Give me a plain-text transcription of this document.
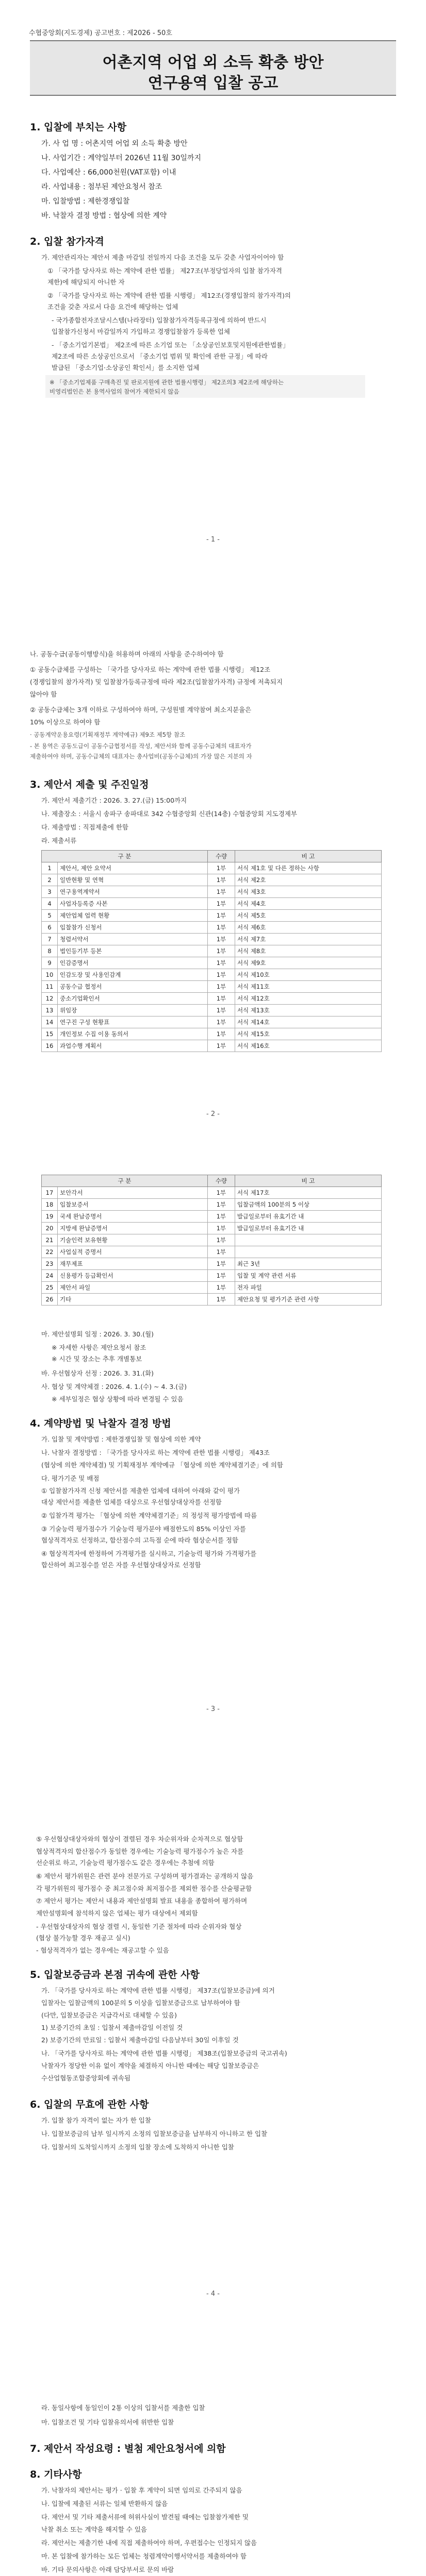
수협중앙회(지도경제) 공고번호 : 제2026 - 50호
어촌지역 어업 외 소득 확충 방안
연구용역 입찰 공고
1. 입찰에 부치는 사항
가. 사 업 명 : 어촌지역 어업 외 소득 확충 방안
나. 사업기간 : 계약일부터 2026년 11월 30일까지
다. 사업예산 : 66,000천원(VAT포함) 이내
라. 사업내용 : 첨부된 제안요청서 참조
마. 입찰방법 : 제한경쟁입찰
바. 낙찰자 결정 방법 : 협상에 의한 계약
2. 입찰 참가자격
가. 제안관리자는 제안서 제출 마감일 전일까지 다음 조건을 모두 갖춘 사업자이어야 함
① 「국가를 당사자로 하는 계약에 관한 법률」 제27조(부정당업자의 입찰 참가자격
제한)에 해당되지 아니한 자
② 「국가를 당사자로 하는 계약에 관한 법률 시행령」 제12조(경쟁입찰의 참가자격)의
조건을 갖춘 자로서 다음 요건에 해당하는 업체
- 국가종합전자조달시스템(나라장터) 입찰참가자격등록규정에 의하여 반드시
입찰참가신청서 마감일까지 가입하고 경쟁입찰참가 등록한 업체
- 「중소기업기본법」 제2조에 따른 소기업 또는 「소상공인보호및지원에관한법률」
제2조에 따른 소상공인으로서 「중소기업 범위 및 확인에 관한 규정」에 따라
발급된 「중소기업·소상공인 확인서」를 소지한 업체
※ 「중소기업제품 구매촉진 및 판로지원에 관한 법률시행령」 제2조의3 제2조에 해당하는
비영리법인은 본 용역사업의 참여가 제한되지 않음
- 1 -
나. 공동수급(공동이행방식)을 허용하며 아래의 사항을 준수하여야 함
① 공동수급체를 구성하는 「국가를 당사자로 하는 계약에 관한 법률 시행령」 제12조
(경쟁입찰의 참가자격) 및 입찰참가등록규정에 따라 제2조(입찰참가자격) 규정에 저촉되지
않아야 함
② 공동수급체는 3개 이하로 구성하여야 하며, 구성원별 계약참여 최소지분율은
10% 이상으로 하여야 함
· 공동계약운용요령(기획재정부 계약예규) 제9조 제5항 참조
- 본 용역은 공동도급이 공동수급협정서를 작성, 제안서와 함께 공동수급체의 대표자가
제출하여야 하며, 공동수급체의 대표자는 총사업비(공동수급체)의 가장 많은 지분의 자
3. 제안서 제출 및 주진일정
가. 제안서 제출기간 : 2026. 3. 27.(금) 15:00까지
나. 제출장소 : 서울시 송파구 송파대로 342 수협중앙회 신관(14층) 수협중앙회 지도경제부
다. 제출방법 : 직접제출에 한함
라. 제출서류
구 분		수량	비 고
1	제안서, 제안 요약서	1부	서식 제1호 및 다른 정하는 사항
2	일반현황 및 연혁	1부	서식 제2호
3	연구용역계약서	1부	서식 제3호
4	사업자등록증 사본	1부	서식 제4호
5	제안업체 업력 현황	1부	서식 제5호
6	입찰참가 신청서	1부	서식 제6호
7	청렴서약서	1부	서식 제7호
8	법인등기부 등본	1부	서식 제8호
9	인감증명서	1부	서식 제9호
10	인감도장 및 사용인감계	1부	서식 제10호
11	공동수급 협정서	1부	서식 제11호
12	중소기업확인서	1부	서식 제12호
13	위임장	1부	서식 제13호
14	연구진 구성 현황표	1부	서식 제14호
15	개인정보 수집 이용 동의서	1부	서식 제15호
16	과업수행 계획서	1부	서식 제16호
- 2 -
구 분		수량	비 고
17	보안각서	1부	서식 제17호
18	입찰보증서	1부	입찰금액의 100분의 5 이상
19	국세 완납증명서	1부	발급일로부터 유효기간 내
20	지방세 완납증명서	1부	발급일로부터 유효기간 내
21	기술인력 보유현황	1부	
22	사업실적 증명서	1부	
23	재무제표	1부	최근 3년
24	신용평가 등급확인서	1부	입찰 및 계약 관련 서류
25	제안서 파일	1부	전자 파일
26	기타	1부	제안요청 및 평가기준 관련 사항
마. 제안설명회 일정 : 2026. 3. 30.(월)
※ 자세한 사항은 제안요청서 참조
※ 시간 및 장소는 추후 개별통보
바. 우선협상자 선정 : 2026. 3. 31.(화)
사. 협상 및 계약체결 : 2026. 4. 1.(수) ~ 4. 3.(금)
※ 세부일정은 협상 상황에 따라 변경될 수 있음
4. 계약방법 및 낙찰자 결정 방법
가. 입찰 및 계약방법 : 제한경쟁입찰 및 협상에 의한 계약
나. 낙찰자 결정방법 : 「국가를 당사자로 하는 계약에 관한 법률 시행령」 제43조
(협상에 의한 계약체결) 및 기획재정부 계약예규 「협상에 의한 계약체결기준」에 의함
다. 평가기준 및 배점
① 입찰참가자격 신청 제안서를 제출한 업체에 대하여 아래와 같이 평가
대상 제안서를 제출한 업체를 대상으로 우선협상대상자를 선정함
② 입찰가격 평가는 「협상에 의한 계약체결기준」의 정성적 평가방법에 따름
③ 기술능력 평가점수가 기술능력 평가분야 배점한도의 85% 이상인 자를
협상적격자로 선정하고, 합산점수의 고득점 순에 따라 협상순서를 정함
④ 협상적격자에 한정하여 가격평가를 실시하고, 기술능력 평가와 가격평가를
합산하여 최고점수를 얻은 자를 우선협상대상자로 선정함
- 3 -
⑤ 우선협상대상자와의 협상이 결렬된 경우 차순위자와 순차적으로 협상함
협상적격자의 합산점수가 동일한 경우에는 기술능력 평가점수가 높은 자를
선순위로 하고, 기술능력 평가점수도 같은 경우에는 추첨에 의함
⑥ 제안서 평가위원은 관련 분야 전문가로 구성하며 평가결과는 공개하지 않음
각 평가위원의 평가점수 중 최고점수와 최저점수를 제외한 점수를 산술평균함
⑦ 제안서 평가는 제안서 내용과 제안설명회 발표 내용을 종합하여 평가하며
제안설명회에 참석하지 않은 업체는 평가 대상에서 제외함
- 우선협상대상자의 협상 결렬 시, 동일한 기준 절차에 따라 순위자와 협상
(협상 불가능할 경우 재공고 실시)
- 협상적격자가 없는 경우에는 재공고할 수 있음
5. 입찰보증금과 본점 귀속에 관한 사항
가. 「국가를 당사자로 하는 계약에 관한 법률 시행령」 제37조(입찰보증금)에 의거
입찰자는 입찰금액의 100분의 5 이상을 입찰보증금으로 납부하여야 함
(다만, 입찰보증금은 지급각서로 대체할 수 있음)
1) 보증기간의 초일 : 입찰서 제출마감일 이전일 것
2) 보증기간의 만료일 : 입찰서 제출마감일 다음날부터 30일 이후일 것
나. 「국가를 당사자로 하는 계약에 관한 법률 시행령」 제38조(입찰보증금의 국고귀속)
낙찰자가 정당한 이유 없이 계약을 체결하지 아니한 때에는 해당 입찰보증금은
수산업협동조합중앙회에 귀속됨
6. 입찰의 무효에 관한 사항
가. 입찰 참가 자격이 없는 자가 한 입찰
나. 입찰보증금의 납부 일시까지 소정의 입찰보증금을 납부하지 아니하고 한 입찰
다. 입찰서의 도착일시까지 소정의 입찰 장소에 도착하지 아니한 입찰
- 4 -
라. 동일사항에 동일인이 2통 이상의 입찰서를 제출한 입찰
마. 입찰조건 및 기타 입찰유의서에 위반한 입찰
7. 제안서 작성요령 : 별첨 제안요청서에 의함
8. 기타사항
가. 낙찰자의 제안서는 평가 · 입찰 후 계약이 되면 임의로 간주되지 않음
나. 입찰에 제출된 서류는 일체 반환하지 않음
다. 제안서 및 기타 제출서류에 허위사실이 발견될 때에는 입찰참가제한 및
낙찰 취소 또는 계약을 해지할 수 있음
라. 제안서는 제출기한 내에 직접 제출하여야 하며, 우편접수는 인정되지 않음
마. 본 입찰에 참가하는 모든 업체는 청렴계약이행서약서를 제출하여야 함
바. 기타 문의사항은 아래 담당부서로 문의 바람
